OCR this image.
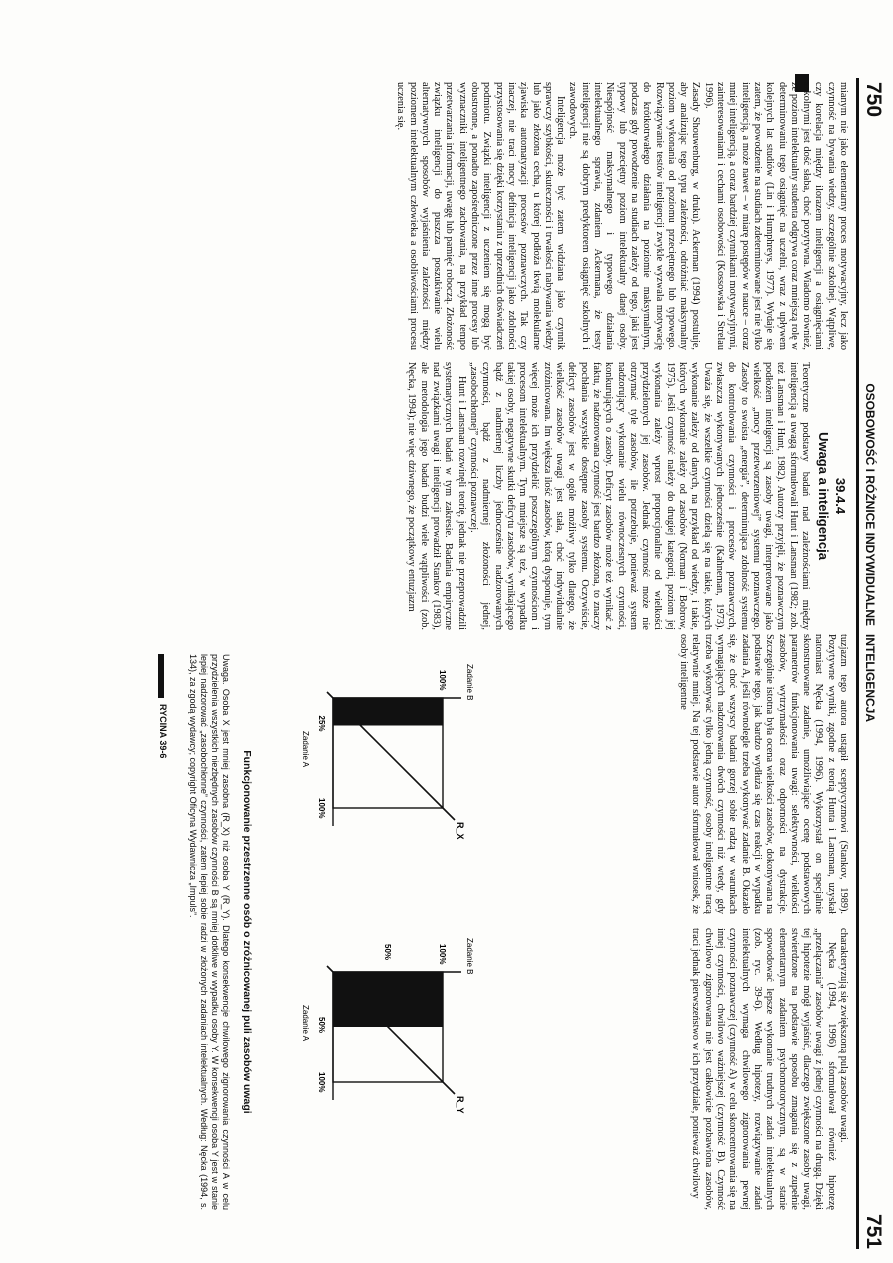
750
OSOBOWOŚĆ I RÓŻNICE INDYWIDUALNE

mianym nie jako elementarny proces motywacyjny, lecz jako czynność na bywania wiedzy, szczególnie szkolnej. Wątpliwe, czy korelacja między ilorazem inteligencji a osiągnięciami szkolnymi jest dość słaba, choć pozytywna. Wiadomo również, że poziom intelektualny studenta odgrywa coraz mniejszą rolę w determinowaniu tego osiągnięć na uczelni, wraz z upływem kolejnych lat studiów (Lin i Humphreys, 1977). Wydaje się zatem, że powodzenie na studiach zdeterminowane jest nie tylko inteligencją, a może nawet – w miarę postępów w nauce – coraz mniej inteligencją, a coraz bardziej czynnikami motywacyjnymi, zainteresowaniami i cechami osobowości (Kossowska i Strelau 1996).

Zasady Shouwenburg, w druku). Ackerman (1994) postuluje, aby analizując tego typu zależności, odróżniać maksymalny poziom wykonania od poziomu przeciętnego lub typowego. Rozwiązywanie testów inteligencji zwykle wyzwala motywację do krótkotrwałego działania na poziomie maksymalnym, podczas gdy powodzenie na studiach zależy od tego, jaki jest typowy lub przeciętny poziom intelektualny danej osoby. Niespójność maksymalnego i typowego działania intelektualnego sprawia, zdaniem Ackermana, że testy inteligencji nie są dobrym predyktorem osiągnięć szkolnych i zawodowych.

Inteligencja może być zatem widziana jako czynnik sprawczy szybkości, skuteczności i trwałości nabywania wiedzy lub jako złożona cecha, u której podłoża tkwią molekularne zjawiska automatyzacji procesów poznawczych. Tak czy inaczej, nie traci mocy definicja inteligencji jako zdolności przystosowania się dzięki korzystaniu z uprzednich doświadczeń podmiotu. Związki inteligencji z uczeniem się mogą być obustronne, a ponadto zapośredniczone przez inne procesy lub wyznaczniki inteligentnego zachowania, na przykład tempo przetwarzania informacji, uwagę lub pamięć roboczą. Złożoność związku inteligencji do puszcza poszukiwanie wielu alternatywnych sposobów wyjaśnienia zależności między poziomem intelektualnym człowieka a osobliwościami procesu uczenia się.

39.4.4
Uwaga a inteligencja

Teoretyczne podstawy badań nad zależnościami między inteligencją a uwagą sformułowali Hunt i Lansman (1982; zob. też Lansman i Hunt, 1982). Autorzy przyjęli, że poznawczym podłożem inteligencji są zasoby uwagi, interpretowane jako wielkość „mocy przetworzeniowej” systemu poznawczego. Zasoby to swoista „energia”, determinująca zdolność systemu do kontrolowania czynności i procesów poznawczych, zwłaszcza wykonywanych jednocześnie (Kahneman, 1973). Uważa się, że wszelkie czynności dzielą się na takie, których wykonanie zależy od danych, na przykład od wiedzy, i takie, których wykonanie zależy od zasobów (Norman i Bobrow, 1975). Jeśli czynność należy do drugiej kategorii, poziom jej wykonania zależy wprost proporcjonalnie od wielkości przydzielonych jej zasobów. Jednak czynność może nie otrzymać tyle zasobów, ile potrzebuje, ponieważ system nadzorujący wykonanie wielu równoczesnych czynności, konkurujących o zasoby. Deficyt zasobów może też wynikać z faktu, że nadzorowana czynność jest bardzo złożona, to znaczy pochłania wszystkie dostępne zasoby systemu. Oczywiście, deficyt zasobów jest w ogóle możliwy tylko dlatego, że wielkość zasobów uwagi jest stała, choć indywidualnie zróżnicowana. Im większa ilość zasobów, którą dysponuje, tym więcej może ich przydzielić poszczególnym czynnościom i procesom intelektualnym. Tym mniejsze są też, w wypadku takiej osoby, negatywne skutki deficytu zasobów, wynikającego bądź z nadmiernej liczby jednocześnie nadzorowanych czynności, bądź z nadmiernej złożoności jednej, „zasobochłonnej” czynności poznawczej.

Hunt i Lansman rozwinęli teorię, jednak nie przeprowadzili systematycznych badań w tym zakresie. Badania empiryczne nad związkami uwagi i inteligencji prowadził Stankov (1983), ale metodologia jego badań budzi wiele wątpliwości (zob. Nęcka, 1994); nie więc dziwnego, że początkowy entuzjazm

INTELIGENCJA
751

tuzjazm tego autora ustąpił sceptycyzmowi (Stankov, 1989). Pozytywne wyniki, zgodne z teorią Hunta i Lansman, uzyskał natomiast Nęcka (1994, 1996). Wykorzystał on specjalnie skonstruowane zadanie, umożliwiające ocenę podstawowych parametrów funkcjonowania uwagi: selektywności, wielkości zasobów, wytrzymałości oraz odporności na dystrakcje. Szczególnie istotna była ocena wielkości zasobów, dokonywana na podstawie tego, jak bardzo wydłuża się czas reakcji w wypadku zadania A, jeśli równolegle trzeba wykonywać zadanie B. Okazało się, że choć wszyscy badani gorzej sobie radzą w warunkach wymagających nadzorowania dwóch czynności niż wtedy, gdy trzeba wykonywać tylko jedną czynność, osoby inteligentne tracą relatywnie mniej. Na tej podstawie autor sformułował wniosek, że osoby inteligentne

charakteryzują się zwiększoną pulą zasobów uwagi.

Nęcka (1994, 1996) sformułował również hipotezę „przelączania” zasobów uwagi z jednej czynności na drugą. Dzięki tej hipotezie mógł wyjaśnić, dlaczego zwiększone zasoby uwagi, stwierdzone na podstawie sposobu zmagania się z zupełnie elementarnym zadaniem psychomotorycznym, są w stanie spowodować lepsze wykonanie trudnych zadań intelektualnych (zob. ryc. 39-6). Według hipotezy, rozwiązywanie zadań intelektualnych wymaga chwilowego zignorowania pewnej czynności poznawczej (czynność A) w celu skoncentrowania się na innej czynności, chwilowo ważniejszej (czynność B). Czynność chwilowo zignorowana nie jest całkowicie pozbawiona zasobów, traci jednak pierwszeństwo w ich przydziale, ponieważ chwilowy

25%
100%
100%
Zadanie A
Zadanie B
R_X
50%
100%
50%	100%
Zadanie A
Zadanie B
R_Y
Funkcjonowanie przestrzenne osób o zróżnicowanej puli zasobów uwagi
Uwaga. Osoba X jest mniej zasobna (R_X) niż osoba Y (R_Y). Dlatego konsekwencje chwilowego zignorowania czynności A w celu przydzielenia wszystkich niezbędnych zasobów czynności B są mniej dotkliwe w wypadku osoby Y. W konsekwencji osoba Y jest w stanie lepiej nadzorować „zasobochłonne” czynności, zatem lepiej sobie radzi w złożonych zadaniach intelektualnych. Według: Nęcka (1994, s. 134), za zgodą wydawcy; copyright Oficyna Wydawnicza „Impuls”.
RYCINA 39-6
